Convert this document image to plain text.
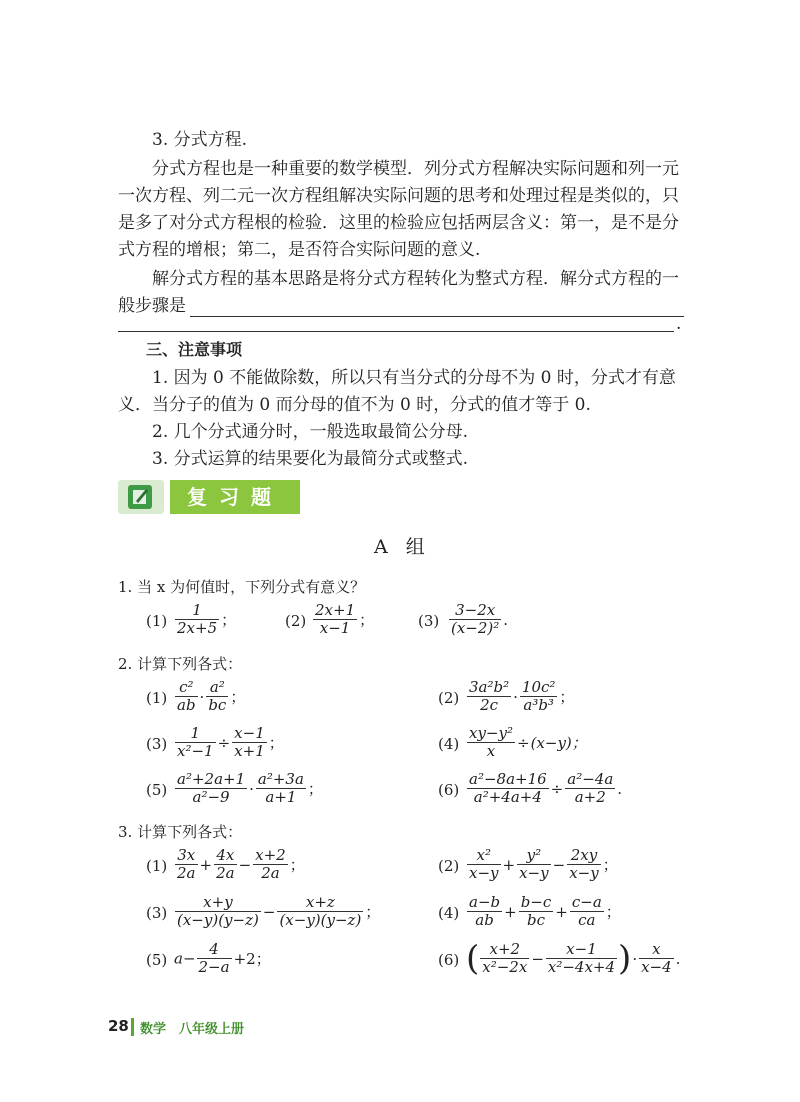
3. 分式方程.
分式方程也是一种重要的数学模型．列分式方程解决实际问题和列一元
一次方程、列二元一次方程组解决实际问题的思考和处理过程是类似的，只
是多了对分式方程根的检验．这里的检验应包括两层含义：第一，是不是分
式方程的增根；第二，是否符合实际问题的意义.
解分式方程的基本思路是将分式方程转化为整式方程．解分式方程的一
般步骤是
.
三、注意事项
1. 因为 0 不能做除数，所以只有当分式的分母不为 0 时，分式才有意
义．当分子的值为 0 而分母的值不为 0 时，分式的值才等于 0.
2. 几个分式通分时，一般选取最简公分母.
3. 分式运算的结果要化为最简分式或整式.
复习题
A 组
1. 当 x 为何值时，下列分式有意义？
$(1) \frac{1}{2x+5}$ ；	$(2) \frac{2x+1}{x-1}$ ；	$(3) \frac{3-2x}{\text{(x−2)²}}$ .
2. 计算下列各式：
$(1) \frac{\text{c²}}{ab} \cdot \frac{\text{a²}}{bc}$ ；	$(2) \frac{\text{3a²b²}}{2c} \cdot \frac{\text{10c²}}{\text{a³b³}}$ ；
$(3) \frac{1}{\text{x²−1}} \div \frac{x-1}{x+1}$ ；	$(4) \frac{\text{xy−y²}}{x} \div(x-y)$；
$(5) \frac{\text{a²+2a+1}}{\text{a²−9}} \cdot \frac{\text{a²+3a}}{a+1}$ ；	$(6) \frac{\text{a²−8a+16}}{\text{a²+4a+4}} \div \frac{\text{a²−4a}}{a+2}$ .
3. 计算下列各式：
$(1) \frac{3x}{2a} + \frac{4x}{2a} - \frac{x+2}{2a}$ ；	$(2) \frac{\text{x²}}{x-y} + \frac{\text{y²}}{x-y} - \frac{2xy}{x-y}$ ；
$(3) \frac{x+y}{(x-y)(y-z)} - \frac{x+z}{(x-y)(y-z)}$ ；	$(4) \frac{a-b}{ab} + \frac{b-c}{bc} + \frac{c-a}{ca}$ ；
(5) $a- \frac{4}{2-a} +2$；	(6) ( $\frac{x+2}{\text{x²−2x}} - \frac{x-1}{\text{x²−4x+4}}$ )· $\frac{x}{x-4}$ .
28 数学　八年级上册
